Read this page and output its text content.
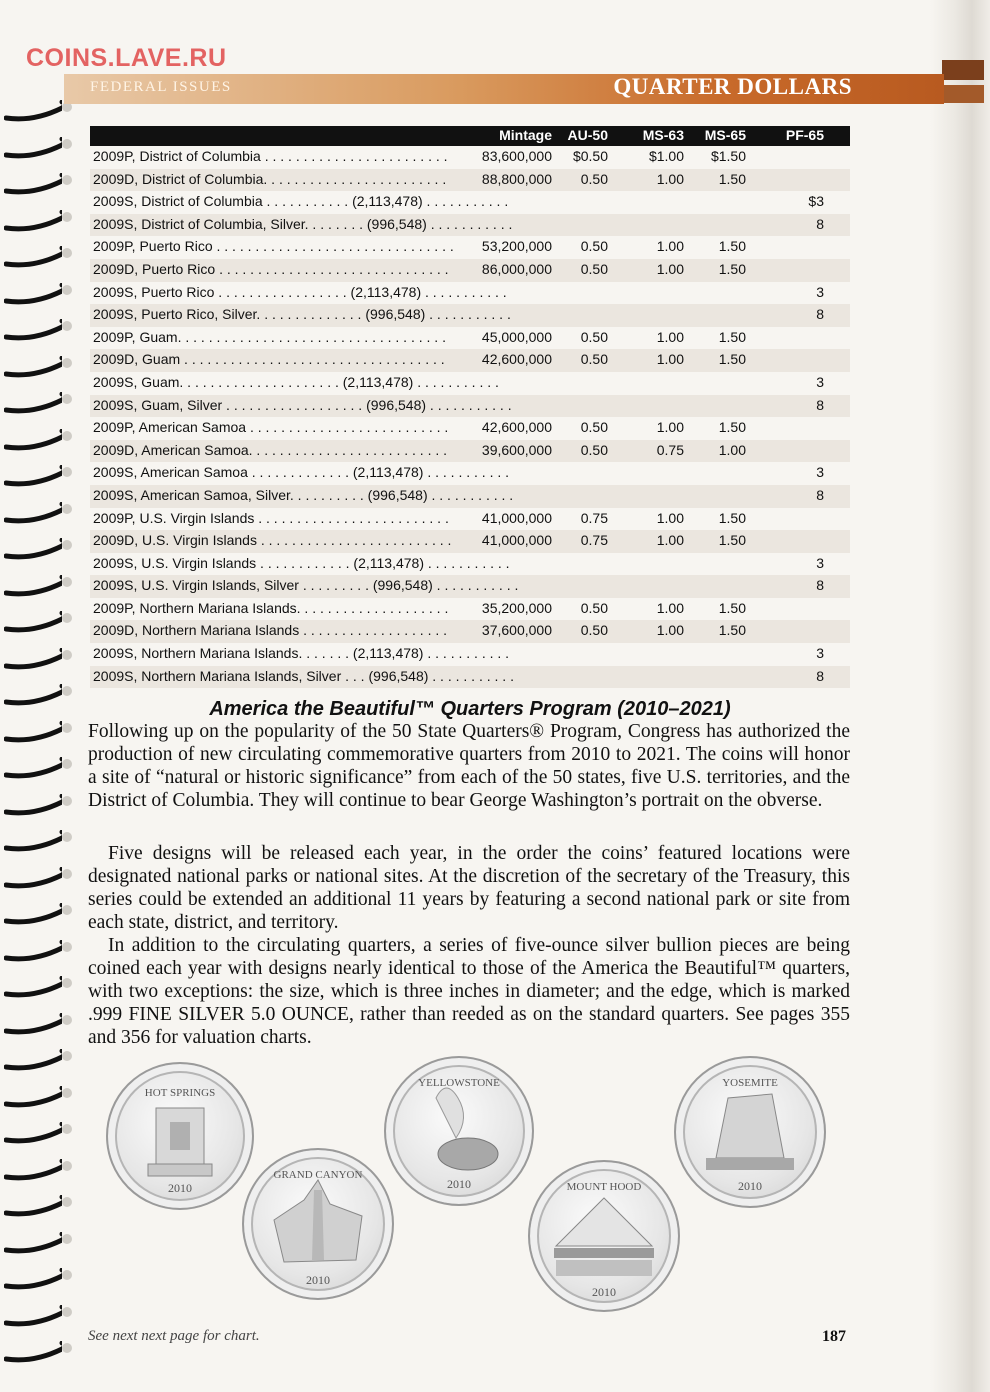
FEDERAL ISSUES	QUARTER DOLLARS
COINS.LAVE.RU
Mintage	AU-50	MS-63	MS-65	PF-65
2009P, District of Columbia . . . . . . . . . . . . . . . . . . . . . . . .	83,600,000	$0.50	$1.00	$1.50
2009D, District of Columbia. . . . . . . . . . . . . . . . . . . . . . . .	88,800,000	0.50	1.00	1.50
2009S, District of Columbia . . . . . . . . . . . (2,113,478) . . . . . . . . . . .	$3
2009S, District of Columbia, Silver. . . . . . . . (996,548) . . . . . . . . . . .	8
2009P, Puerto Rico . . . . . . . . . . . . . . . . . . . . . . . . . . . . . . .	53,200,000	0.50	1.00	1.50
2009D, Puerto Rico . . . . . . . . . . . . . . . . . . . . . . . . . . . . . .	86,000,000	0.50	1.00	1.50
2009S, Puerto Rico . . . . . . . . . . . . . . . . . (2,113,478) . . . . . . . . . . .	3
2009S, Puerto Rico, Silver. . . . . . . . . . . . . . (996,548) . . . . . . . . . . .	8
2009P, Guam. . . . . . . . . . . . . . . . . . . . . . . . . . . . . . . . . . .	45,000,000	0.50	1.00	1.50
2009D, Guam . . . . . . . . . . . . . . . . . . . . . . . . . . . . . . . . . .	42,600,000	0.50	1.00	1.50
2009S, Guam. . . . . . . . . . . . . . . . . . . . . (2,113,478) . . . . . . . . . . .	3
2009S, Guam, Silver . . . . . . . . . . . . . . . . . . (996,548) . . . . . . . . . . .	8
2009P, American Samoa . . . . . . . . . . . . . . . . . . . . . . . . . .	42,600,000	0.50	1.00	1.50
2009D, American Samoa. . . . . . . . . . . . . . . . . . . . . . . . . .	39,600,000	0.50	0.75	1.00
2009S, American Samoa . . . . . . . . . . . . . (2,113,478) . . . . . . . . . . .	3
2009S, American Samoa, Silver. . . . . . . . . . (996,548) . . . . . . . . . . .	8
2009P, U.S. Virgin Islands . . . . . . . . . . . . . . . . . . . . . . . . .	41,000,000	0.75	1.00	1.50
2009D, U.S. Virgin Islands . . . . . . . . . . . . . . . . . . . . . . . . .	41,000,000	0.75	1.00	1.50
2009S, U.S. Virgin Islands . . . . . . . . . . . . (2,113,478) . . . . . . . . . . .	3
2009S, U.S. Virgin Islands, Silver . . . . . . . . . (996,548) . . . . . . . . . . .	8
2009P, Northern Mariana Islands. . . . . . . . . . . . . . . . . . . .	35,200,000	0.50	1.00	1.50
2009D, Northern Mariana Islands . . . . . . . . . . . . . . . . . . .	37,600,000	0.50	1.00	1.50
2009S, Northern Mariana Islands. . . . . . . (2,113,478) . . . . . . . . . . .	3
2009S, Northern Mariana Islands, Silver . . . (996,548) . . . . . . . . . . .	8
America the Beautiful™ Quarters Program (2010–2021)

Following up on the popularity of the 50 State Quarters® Program, Congress has authorized the production of new circulating commemorative quarters from 2010 to 2021. The coins will honor a site of “natural or historic significance” from each of the 50 states, five U.S. territories, and the District of Columbia. They will continue to bear George Washington’s portrait on the obverse.

Five designs will be released each year, in the order the coins’ featured locations were designated national parks or national sites. At the discretion of the secretary of the Treasury, this series could be extended an additional 11 years by featuring a second national park or site from each state, district, and territory.

In addition to the circulating quarters, a series of five-ounce silver bullion pieces are being coined each year with designs nearly identical to those of the America the Beautiful™ quarters, with two exceptions: the size, which is three inches in diameter; and the edge, which is marked .999 FINE SILVER 5.0 OUNCE, rather than reeded as on the standard quarters. See pages 355 and 356 for valuation charts.

HOT SPRINGS
2010
GRAND CANYON
2010
YELLOWSTONE
2010	MOUNT HOOD
2010
YOSEMITE
2010
See next next page for chart.	187
